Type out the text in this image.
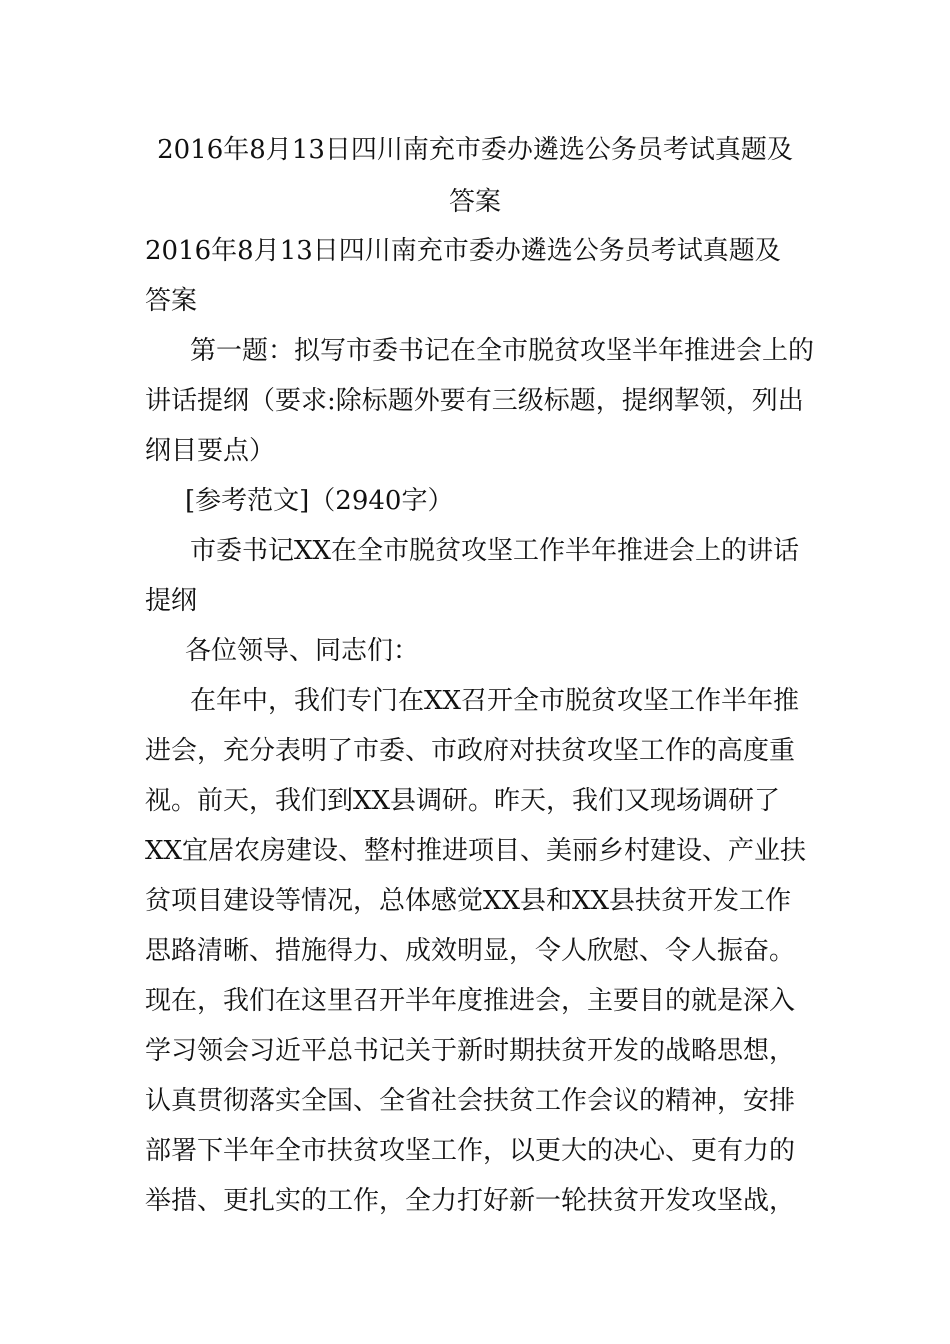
2016年8月13日四川南充市委办遴选公务员考试真题及

答案

2016年8月13日四川南充市委办遴选公务员考试真题及

答案

第一题：拟写市委书记在全市脱贫攻坚半年推进会上的

讲话提纲（要求:除标题外要有三级标题，提纲挈领，列出

纲目要点）

[参考范文]（2940字）

市委书记XX在全市脱贫攻坚工作半年推进会上的讲话

提纲

各位领导、同志们：

在年中，我们专门在XX召开全市脱贫攻坚工作半年推

进会，充分表明了市委、市政府对扶贫攻坚工作的高度重

视。前天，我们到XX县调研。昨天，我们又现场调研了

XX宜居农房建设、整村推进项目、美丽乡村建设、产业扶

贫项目建设等情况，总体感觉XX县和XX县扶贫开发工作

思路清晰、措施得力、成效明显，令人欣慰、令人振奋。

现在，我们在这里召开半年度推进会，主要目的就是深入

学习领会习近平总书记关于新时期扶贫开发的战略思想，

认真贯彻落实全国、全省社会扶贫工作会议的精神，安排

部署下半年全市扶贫攻坚工作，以更大的决心、更有力的

举措、更扎实的工作，全力打好新一轮扶贫开发攻坚战，
